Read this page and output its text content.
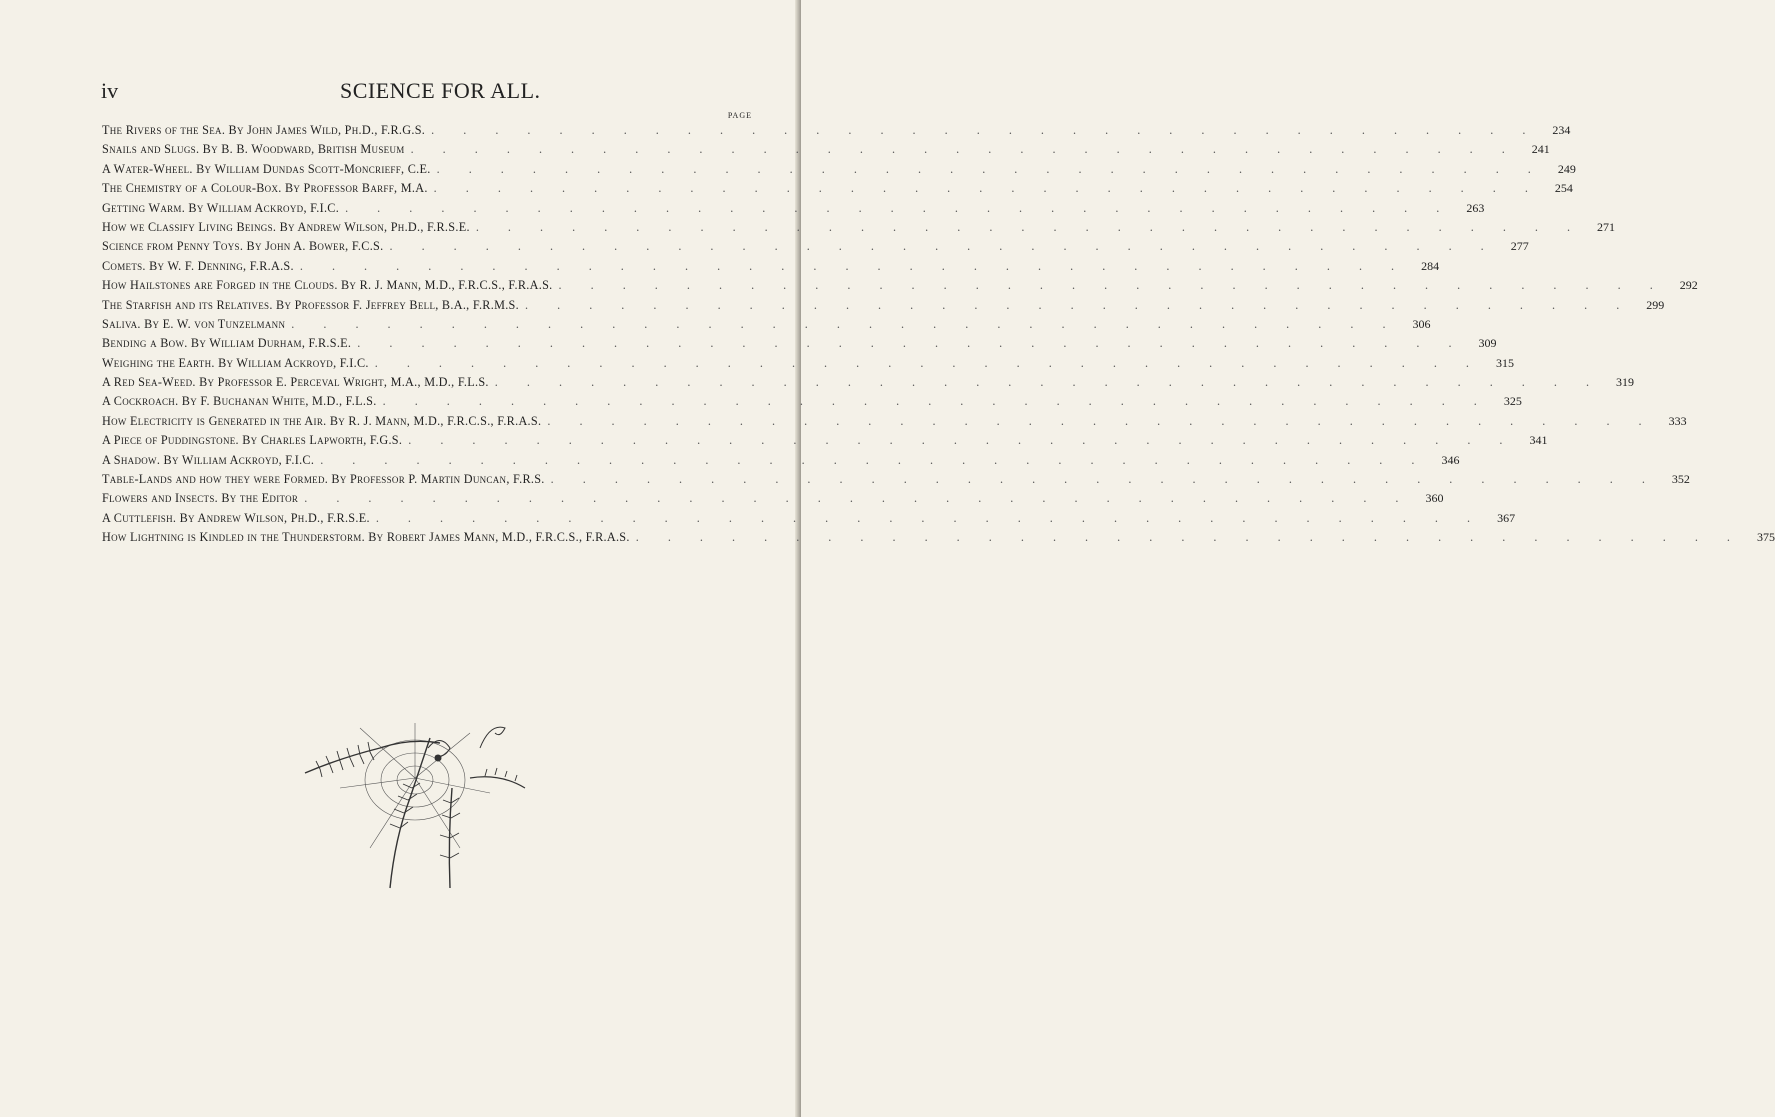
iv	SCIENCE FOR ALL.
PAGE
The Rivers of the Sea. By John James Wild, Ph.D., F.R.G.S. . . . . . . . . . . . . . . . . . . . . . . . . . . . . . . . . . . .	234
Snails and Slugs. By B. B. Woodward, British Museum . . . . . . . . . . . . . . . . . . . . . . . . . . . . . . . . . . .	241
A Water-Wheel. By William Dundas Scott-Moncrieff, C.E. . . . . . . . . . . . . . . . . . . . . . . . . . . . . . . . . . . .	249
The Chemistry of a Colour-Box. By Professor Barff, M.A. . . . . . . . . . . . . . . . . . . . . . . . . . . . . . . . . . . .	254
Getting Warm. By William Ackroyd, F.I.C. . . . . . . . . . . . . . . . . . . . . . . . . . . . . . . . . . . .	263
How we Classify Living Beings. By Andrew Wilson, Ph.D., F.R.S.E. . . . . . . . . . . . . . . . . . . . . . . . . . . . . . . . . . . .	271
Science from Penny Toys. By John A. Bower, F.C.S. . . . . . . . . . . . . . . . . . . . . . . . . . . . . . . . . . . .	277
Comets. By W. F. Denning, F.R.A.S. . . . . . . . . . . . . . . . . . . . . . . . . . . . . . . . . . . .	284
How Hailstones are Forged in the Clouds. By R. J. Mann, M.D., F.R.C.S., F.R.A.S. . . . . . . . . . . . . . . . . . . . . . . . . . . . . . . . . . . .	292
The Starfish and its Relatives. By Professor F. Jeffrey Bell, B.A., F.R.M.S. . . . . . . . . . . . . . . . . . . . . . . . . . . . . . . . . . . .	299
Saliva. By E. W. von Tunzelmann . . . . . . . . . . . . . . . . . . . . . . . . . . . . . . . . . . .	306
Bending a Bow. By William Durham, F.R.S.E. . . . . . . . . . . . . . . . . . . . . . . . . . . . . . . . . . . .	309
Weighing the Earth. By William Ackroyd, F.I.C. . . . . . . . . . . . . . . . . . . . . . . . . . . . . . . . . . . .	315
A Red Sea-Weed. By Professor E. Perceval Wright, M.A., M.D., F.L.S. . . . . . . . . . . . . . . . . . . . . . . . . . . . . . . . . . . .	319
A Cockroach. By F. Buchanan White, M.D., F.L.S. . . . . . . . . . . . . . . . . . . . . . . . . . . . . . . . . . . .	325
How Electricity is Generated in the Air. By R. J. Mann, M.D., F.R.C.S., F.R.A.S. . . . . . . . . . . . . . . . . . . . . . . . . . . . . . . . . . . .	333
A Piece of Puddingstone. By Charles Lapworth, F.G.S. . . . . . . . . . . . . . . . . . . . . . . . . . . . . . . . . . . .	341
A Shadow. By William Ackroyd, F.I.C. . . . . . . . . . . . . . . . . . . . . . . . . . . . . . . . . . . .	346
Table-Lands and how they were Formed. By Professor P. Martin Duncan, F.R.S. . . . . . . . . . . . . . . . . . . . . . . . . . . . . . . . . . . .	352
Flowers and Insects. By the Editor . . . . . . . . . . . . . . . . . . . . . . . . . . . . . . . . . . .	360
A Cuttlefish. By Andrew Wilson, Ph.D., F.R.S.E. . . . . . . . . . . . . . . . . . . . . . . . . . . . . . . . . . . .	367
How Lightning is Kindled in the Thunderstorm. By Robert James Mann, M.D., F.R.C.S., F.R.A.S. . . . . . . . . . . . . . . . . . . . . . . . . . . . . . . . . . . .	375
